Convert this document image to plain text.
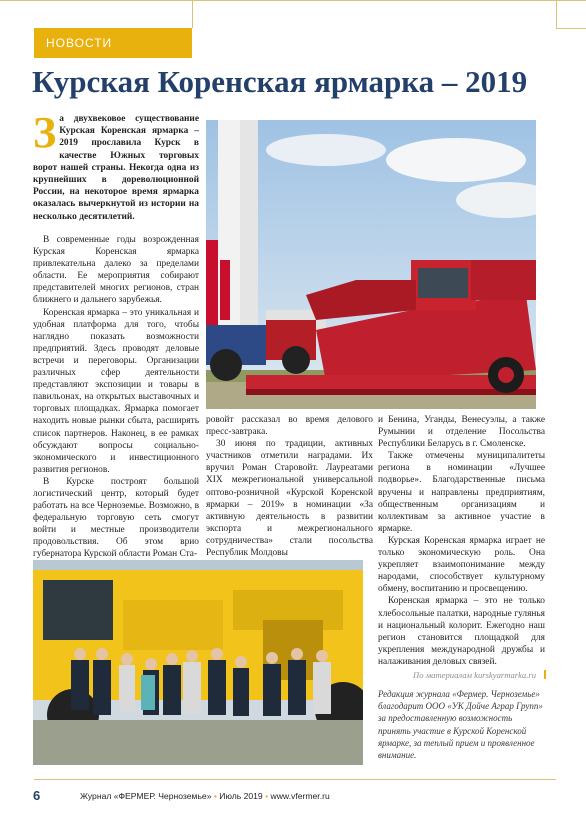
НОВОСТИ
Курская Коренская ярмарка – 2019
З а двухвековое существование Курская Коренская ярмарка – 2019 прославила Курск в качестве Южных торговых ворот нашей страны. Некогда одна из крупнейших в дореволюционной России, на некоторое время ярмарка оказалась вычеркнутой из истории на несколько десятилетий.

В современные годы возрожденная Курская Коренская ярмарка привлекательна далеко за пределами области. Ее мероприятия собирают представителей многих регионов, стран ближнего и дальнего зарубежья.

Коренская ярмарка – это уникальная и удобная платформа для того, чтобы наглядно показать возможности предприятий. Здесь проводят деловые встречи и переговоры. Организации различных сфер деятельности представляют экспозиции и товары в павильонах, на открытых выставочных и торговых площадках. Ярмарка помогает находить новые рынки сбыта, расширять список партнеров. Наконец, в ее рамках обсуждают вопросы социально-экономического и инвестиционного развития регионов.

В Курске построят большой логистический центр, который будет работать на все Черноземье. Возможно, в федеральную торговую сеть смогут войти и местные производители продовольствия. Об этом врио губернатора Курской области Роман Ста-

ровойт рассказал во время делового пресс-завтрака.

30 июня по традиции, активных участников отметили наградами. Их вручил Роман Старовойт. Лауреатами XIX межрегиональной универсальной оптово-розничной «Курской Коренской ярмарки – 2019» в номинации «За активную деятельность в развитии экспорта и межрегионального сотрудничества» стали посольства Республик Молдовы

и Бенина, Уганды, Венесуэлы, а также Румынии и отделение Посольства Республики Беларусь в г. Смоленске.

Также отмечены муниципалитеты региона в номинации «Лучшее подворье». Благодарственные письма вручены и направлены предприятиям, общественным организациям и коллективам за активное участие в ярмарке.

Курская Коренская ярмарка играет не только экономическую роль. Она укрепляет взаимопонимание между народами, способствует культурному обмену, воспитанию и просвещению.

Коренская ярмарка – это не только хлебосольные палатки, народные гулянья и национальный колорит. Ежегодно наш регион становится площадкой для укрепления международной дружбы и налаживания деловых связей.

По материалам kurskyarmarka.ru
Редакция журнала «Фермер. Черноземье» благодарит ООО «УК Дойче Аграр Групп» за предоставленную возможность принять участие в Курской Коренской ярмарке, за теплый прием и проявленное внимание.
6	Журнал «ФЕРМЕР. Черноземье» • Июль 2019 • www.vfermer.ru
